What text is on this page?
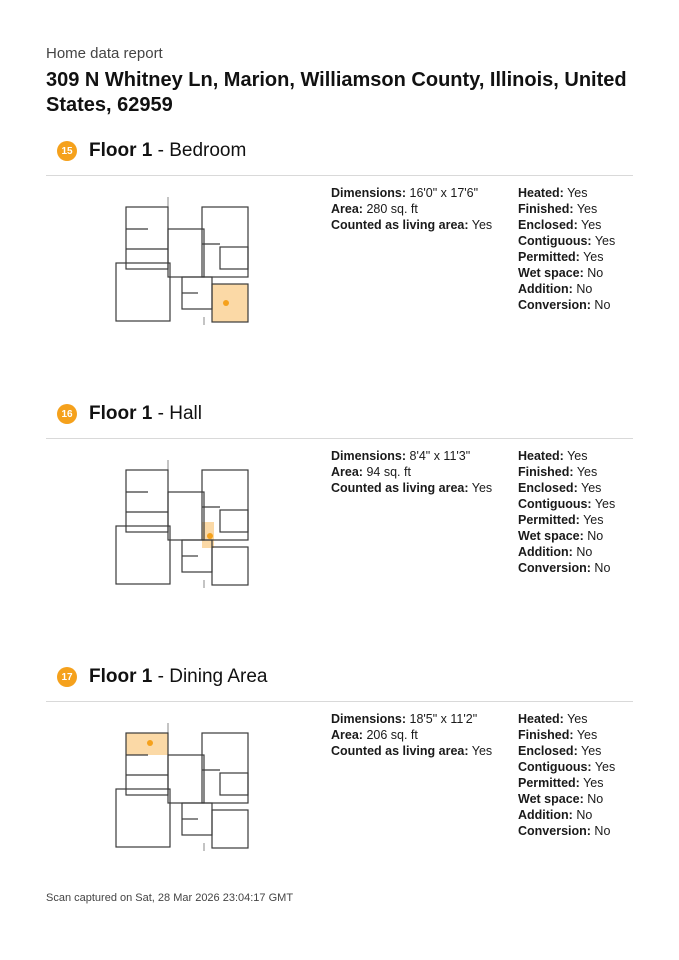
Home data report
309 N Whitney Ln, Marion, Williamson County, Illinois, United States, 62959
15 Floor 1 - Bedroom
Dimensions: 16'0" x 17'6"
Area: 280 sq. ft
Counted as living area: Yes
Heated: Yes
Finished: Yes
Enclosed: Yes
Contiguous: Yes
Permitted: Yes
Wet space: No
Addition: No
Conversion: No
16 Floor 1 - Hall
Dimensions: 8'4" x 11'3"
Area: 94 sq. ft
Counted as living area: Yes
Heated: Yes
Finished: Yes
Enclosed: Yes
Contiguous: Yes
Permitted: Yes
Wet space: No
Addition: No
Conversion: No
17 Floor 1 - Dining Area
Dimensions: 18'5" x 11'2"
Area: 206 sq. ft
Counted as living area: Yes
Heated: Yes
Finished: Yes
Enclosed: Yes
Contiguous: Yes
Permitted: Yes
Wet space: No
Addition: No
Conversion: No
Scan captured on Sat, 28 Mar 2026 23:04:17 GMT
